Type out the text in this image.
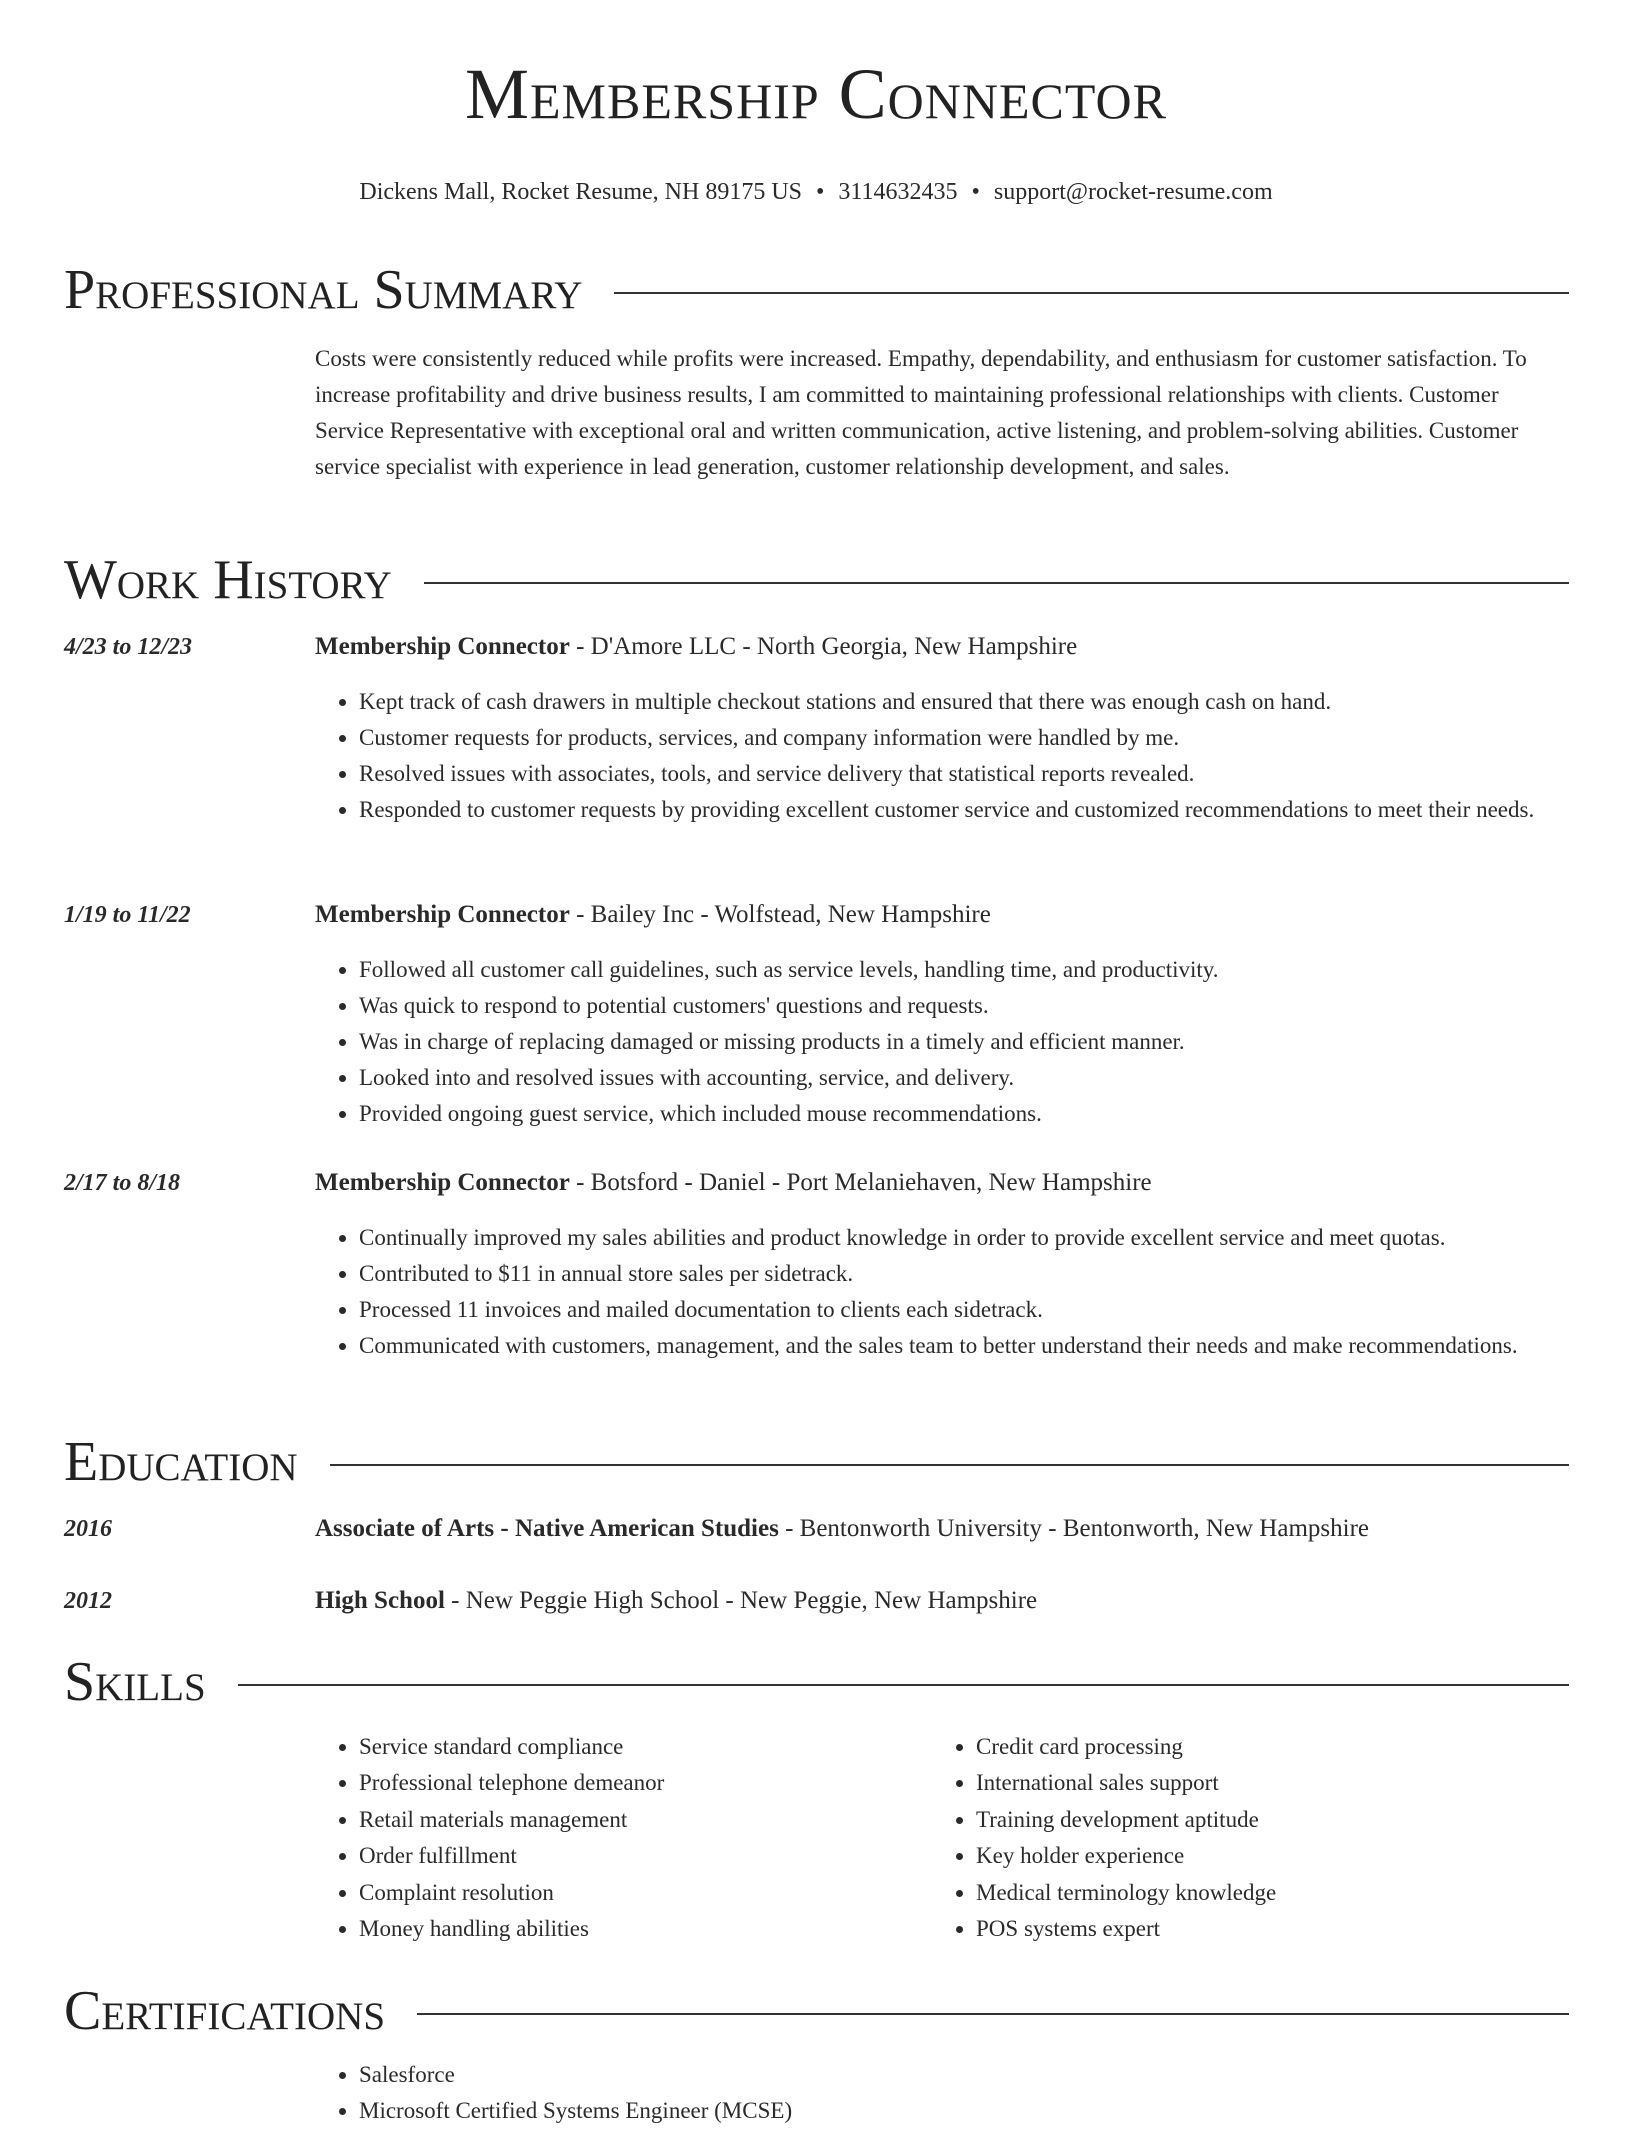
Membership Connector
Dickens Mall, Rocket Resume, NH 89175 US • 3114632435 • support@rocket-resume.com
Professional Summary

Costs were consistently reduced while profits were increased. Empathy, dependability, and enthusiasm for customer satisfaction. To increase profitability and drive business results, I am committed to maintaining professional relationships with clients. Customer Service Representative with exceptional oral and written communication, active listening, and problem-solving abilities. Customer service specialist with experience in lead generation, customer relationship development, and sales.

Work History
4/23 to 12/23	Membership Connector - D'Amore LLC - North Georgia, New Hampshire
• Kept track of cash drawers in multiple checkout stations and ensured that there was enough cash on hand.
• Customer requests for products, services, and company information were handled by me.
• Resolved issues with associates, tools, and service delivery that statistical reports revealed.
• Responded to customer requests by providing excellent customer service and customized recommendations to meet their needs.
1/19 to 11/22	Membership Connector - Bailey Inc - Wolfstead, New Hampshire
• Followed all customer call guidelines, such as service levels, handling time, and productivity.
• Was quick to respond to potential customers' questions and requests.
• Was in charge of replacing damaged or missing products in a timely and efficient manner.
• Looked into and resolved issues with accounting, service, and delivery.
• Provided ongoing guest service, which included mouse recommendations.
2/17 to 8/18	Membership Connector - Botsford - Daniel - Port Melaniehaven, New Hampshire
• Continually improved my sales abilities and product knowledge in order to provide excellent service and meet quotas.
• Contributed to $11 in annual store sales per sidetrack.
• Processed 11 invoices and mailed documentation to clients each sidetrack.
• Communicated with customers, management, and the sales team to better understand their needs and make recommendations.
Education
2016	Associate of Arts - Native American Studies - Bentonworth University - Bentonworth, New Hampshire
2012	High School - New Peggie High School - New Peggie, New Hampshire
Skills
• Service standard compliance
• Professional telephone demeanor
• Retail materials management
• Order fulfillment
• Complaint resolution
• Money handling abilities
• Credit card processing
• International sales support
• Training development aptitude
• Key holder experience
• Medical terminology knowledge
• POS systems expert
Certifications
• Salesforce
• Microsoft Certified Systems Engineer (MCSE)
